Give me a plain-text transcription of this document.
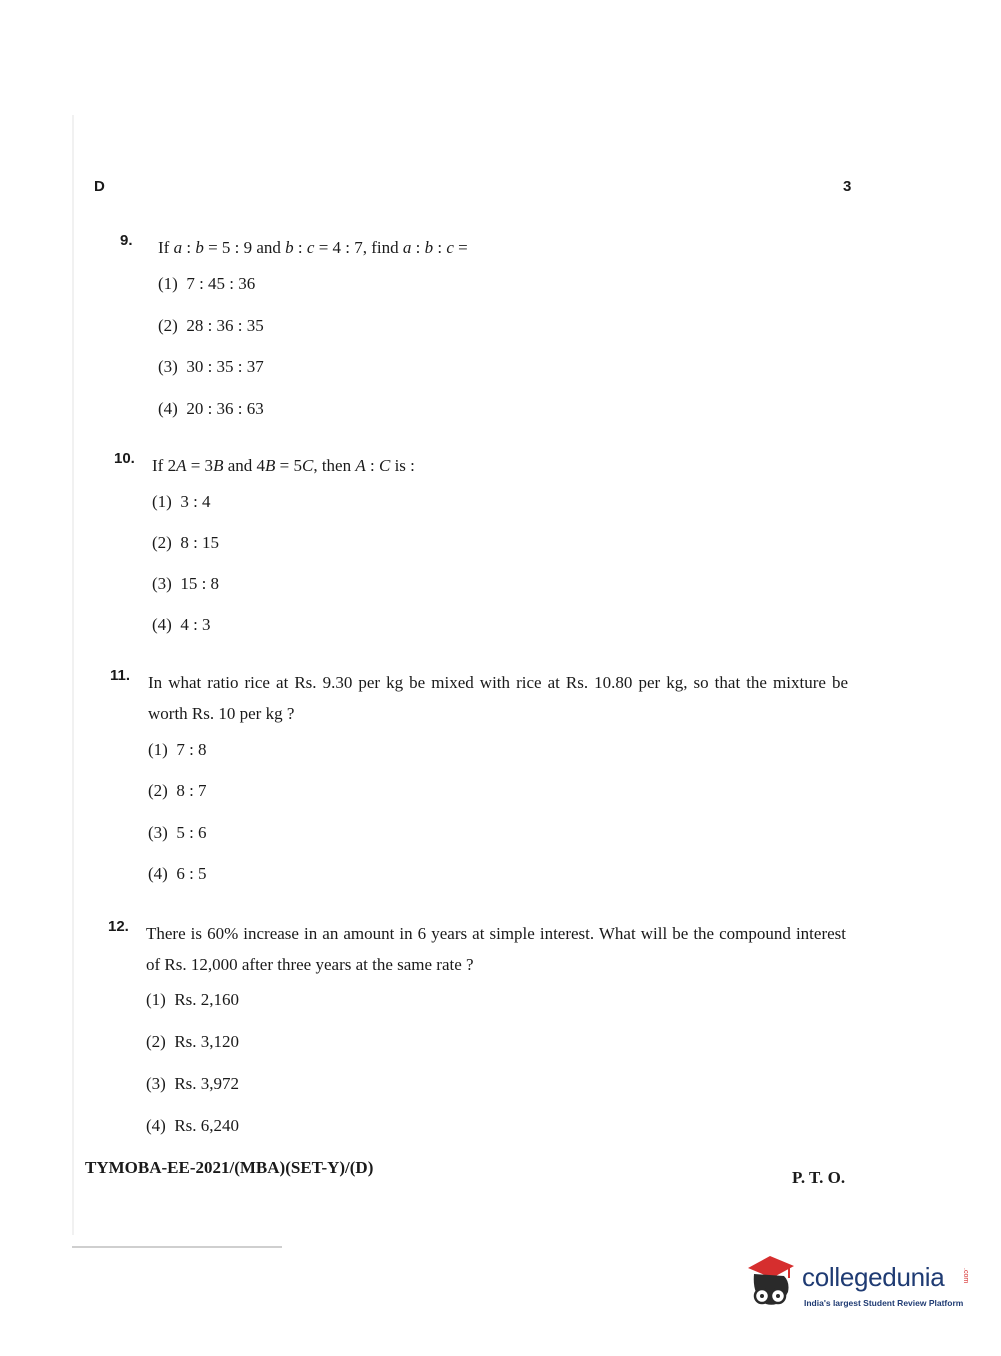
D	3
9. If a : b = 5 : 9 and b : c = 4 : 7, find a : b : c =
(1)  7 : 45 : 36
(2)  28 : 36 : 35
(3)  30 : 35 : 37
(4)  20 : 36 : 63
10. If 2A = 3B and 4B = 5C, then A : C is :
(1)  3 : 4
(2)  8 : 15
(3)  15 : 8
(4)  4 : 3
11. In what ratio rice at Rs. 9.30 per kg be mixed with rice at Rs. 10.80 per kg, so that the mixture be worth Rs. 10 per kg ?
(1)  7 : 8
(2)  8 : 7
(3)  5 : 6
(4)  6 : 5
12. There is 60% increase in an amount in 6 years at simple interest. What will be the compound interest of Rs. 12,000 after three years at the same rate ?
(1)  Rs. 2,160
(2)  Rs. 3,120
(3)  Rs. 3,972
(4)  Rs. 6,240
TYMOBA-EE-2021/(MBA)(SET-Y)/(D)
P. T. O.
collegedunia	.com
India's largest Student Review Platform
